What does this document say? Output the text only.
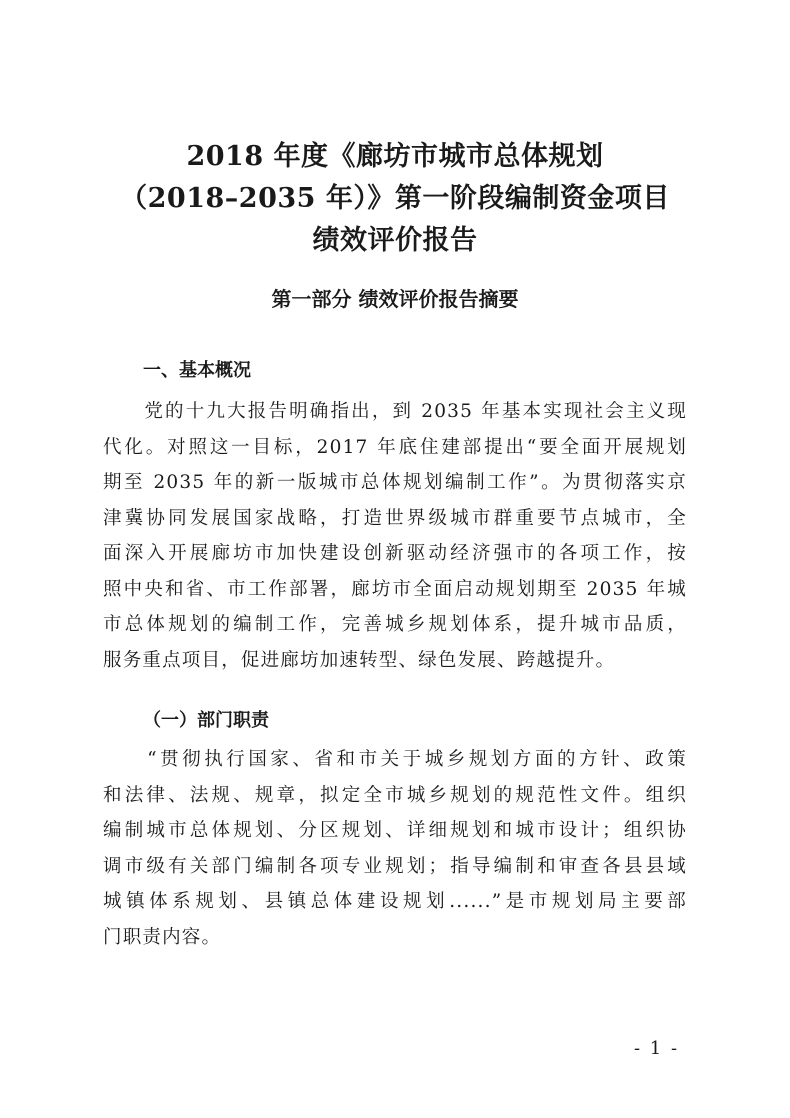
2018 年度《廊坊市城市总体规划
（2018–2035 年）》第一阶段编制资金项目
绩效评价报告
第一部分 绩效评价报告摘要
一、基本概况
　　党的十九大报告明确指出，到 2035 年基本实现社会主义现
代化。对照这一目标，2017 年底住建部提出“要全面开展规划
期至 2035 年的新一版城市总体规划编制工作”。为贯彻落实京
津冀协同发展国家战略，打造世界级城市群重要节点城市，全
面深入开展廊坊市加快建设创新驱动经济强市的各项工作，按
照中央和省、市工作部署，廊坊市全面启动规划期至 2035 年城
市总体规划的编制工作，完善城乡规划体系，提升城市品质，
服务重点项目，促进廊坊加速转型、绿色发展、跨越提升。
（一）部门职责
　　“贯彻执行国家、省和市关于城乡规划方面的方针、政策
和法律、法规、规章，拟定全市城乡规划的规范性文件。组织
编制城市总体规划、分区规划、详细规划和城市设计；组织协
调市级有关部门编制各项专业规划；指导编制和审查各县县域
城镇体系规划、县镇总体建设规划......”是市规划局主要部
门职责内容。
- 1 -
